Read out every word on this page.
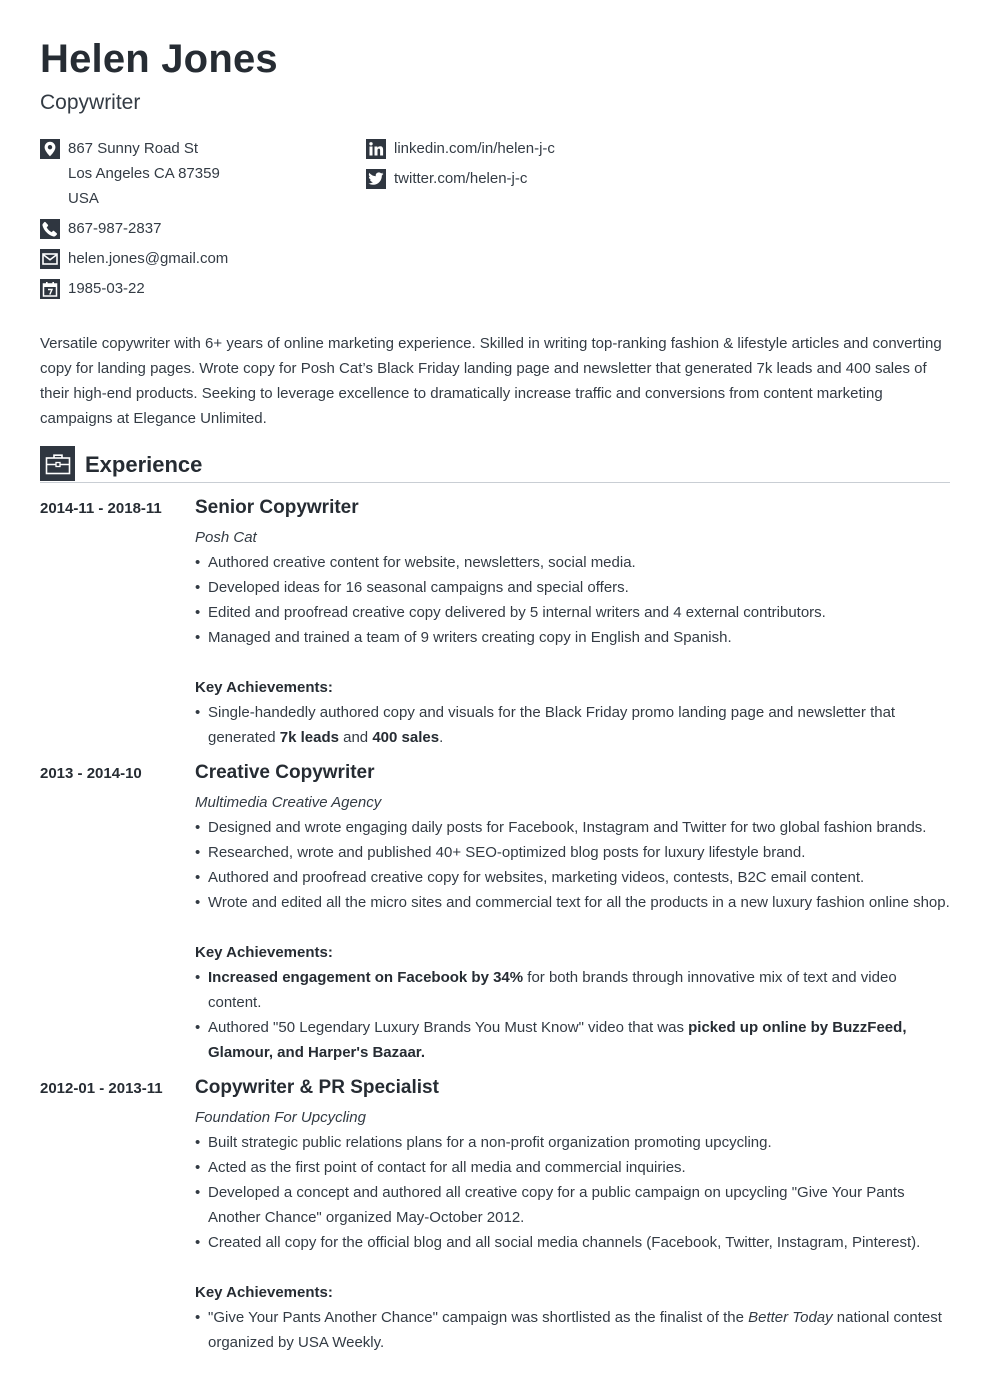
Helen Jones
Copywriter
867 Sunny Road St
Los Angeles CA 87359
USA
867-987-2837
helen.jones@gmail.com
1985-03-22
linkedin.com/in/helen-j-c
twitter.com/helen-j-c

Versatile copywriter with 6+ years of online marketing experience. Skilled in writing top-ranking fashion & lifestyle articles and converting copy for landing pages. Wrote copy for Posh Cat’s Black Friday landing page and newsletter that generated 7k leads and 400 sales of their high-end products. Seeking to leverage excellence to dramatically increase traffic and conversions from content marketing campaigns at Elegance Unlimited.

Experience
2014-11 - 2018-11 Senior Copywriter
Posh Cat
• Authored creative content for website, newsletters, social media.
• Developed ideas for 16 seasonal campaigns and special offers.
• Edited and proofread creative copy delivered by 5 internal writers and 4 external contributors.
• Managed and trained a team of 9 writers creating copy in English and Spanish.
Key Achievements:
• Single-handedly authored copy and visuals for the Black Friday promo landing page and newsletter that generated 7k leads and 400 sales.
2013 - 2014-10	Creative Copywriter
Multimedia Creative Agency
• Designed and wrote engaging daily posts for Facebook, Instagram and Twitter for two global fashion brands.
• Researched, wrote and published 40+ SEO-optimized blog posts for luxury lifestyle brand.
• Authored and proofread creative copy for websites, marketing videos, contests, B2C email content.
• Wrote and edited all the micro sites and commercial text for all the products in a new luxury fashion online shop.
Key Achievements:
• Increased engagement on Facebook by 34% for both brands through innovative mix of text and video content.
• Authored "50 Legendary Luxury Brands You Must Know" video that was picked up online by BuzzFeed, Glamour, and Harper's Bazaar.
2012-01 - 2013-11 Copywriter & PR Specialist
Foundation For Upcycling
• Built strategic public relations plans for a non-profit organization promoting upcycling.
• Acted as the first point of contact for all media and commercial inquiries.
• Developed a concept and authored all creative copy for a public campaign on upcycling "Give Your Pants Another Chance" organized May-October 2012.
• Created all copy for the official blog and all social media channels (Facebook, Twitter, Instagram, Pinterest).
Key Achievements:
• "Give Your Pants Another Chance" campaign was shortlisted as the finalist of the Better Today national contest organized by USA Weekly.
